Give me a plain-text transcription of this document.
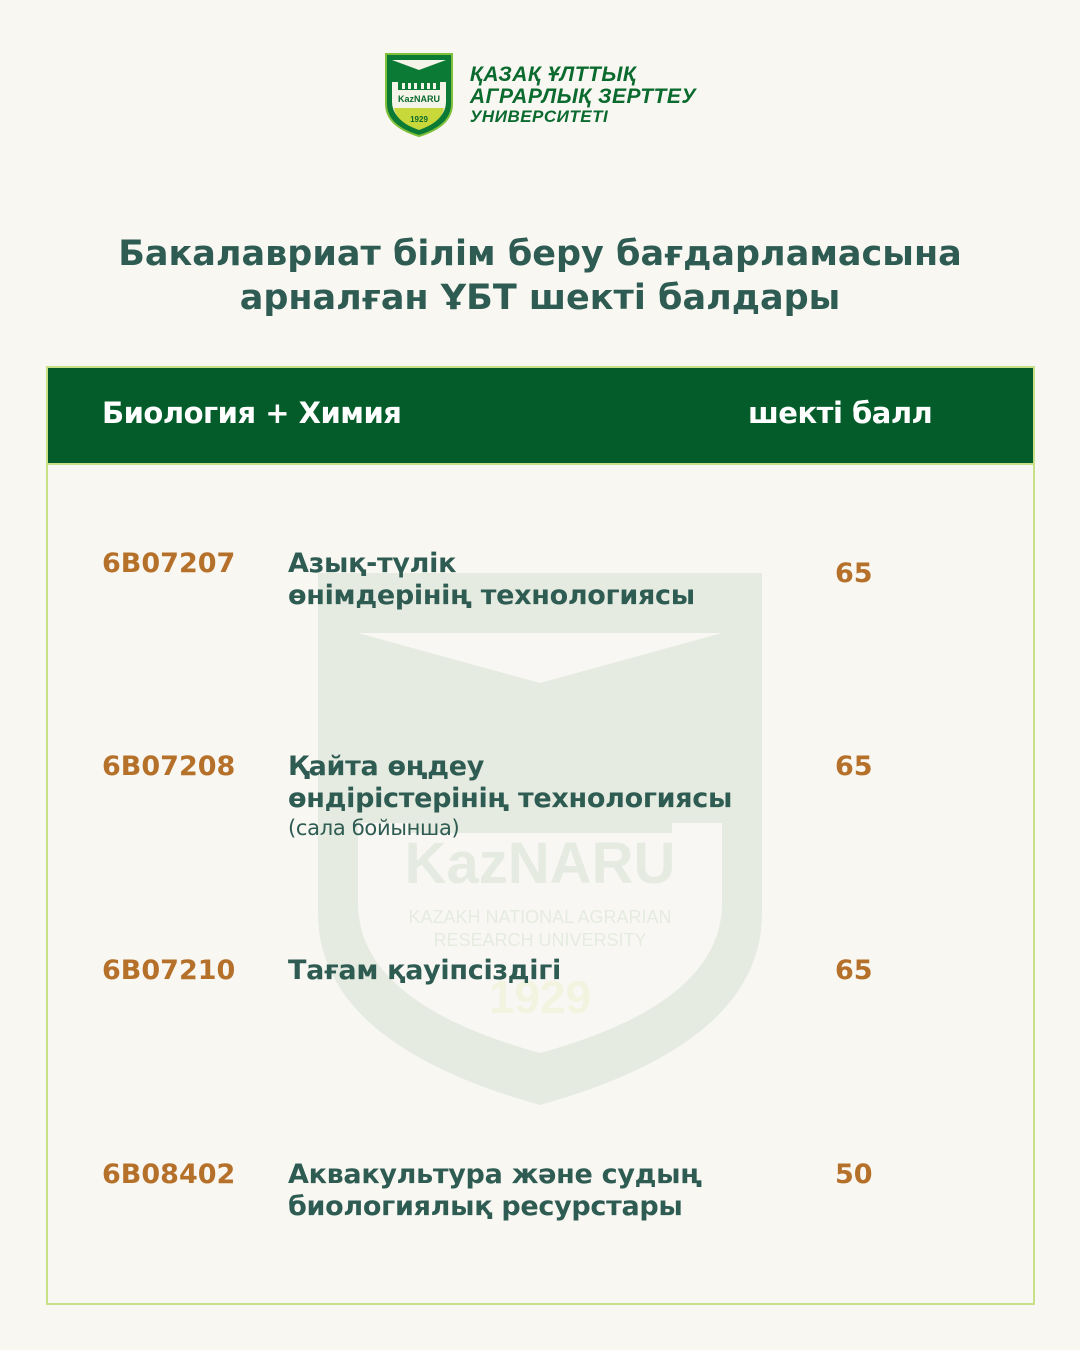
KazNARU
1929
ҚАЗАҚ ҰЛТТЫҚ
АГРАРЛЫҚ ЗЕРТТЕУ
УНИВЕРСИТЕТІ
Бакалавриат білім беру бағдарламасына
арналған ҰБТ шекті балдары
KazNARU
KAZAKH NATIONAL AGRARIAN
RESEARCH UNIVERSITY
1929
Биология + Химия	шекті балл
6B07207 Азық-түлік
өнімдерінің технологиясы
65
6B07208 Қайта өңдеу
өндірістерінің технологиясы
(сала бойынша)
65
6B07210 Тағам қауіпсіздігі	65
6B08402 Аквакультура және судың
биологиялық ресурстары
50
